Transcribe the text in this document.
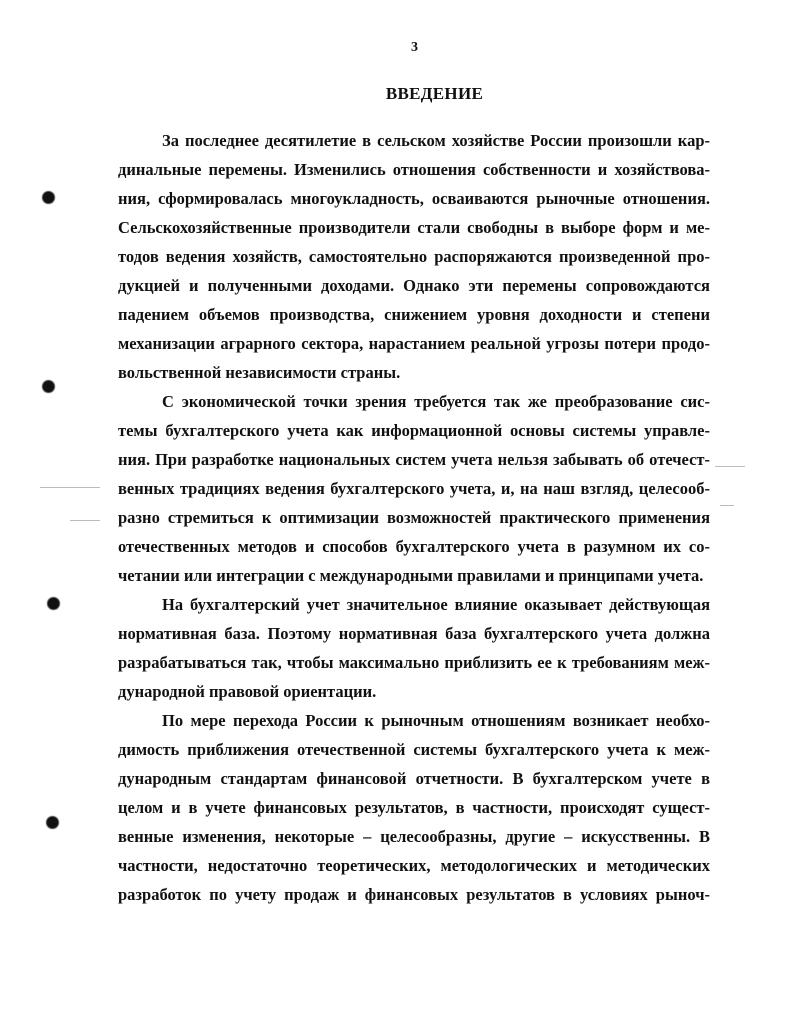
3
ВВЕДЕНИЕ
За последнее десятилетие в сельском хозяйстве России произошли кар-
динальные перемены. Изменились отношения собственности и хозяйствова-
ния, сформировалась многоукладность, осваиваются рыночные отношения.
Сельскохозяйственные производители стали свободны в выборе форм и ме-
тодов ведения хозяйств, самостоятельно распоряжаются произведенной про-
дукцией и полученными доходами. Однако эти перемены сопровождаются
падением объемов производства, снижением уровня доходности и степени
механизации аграрного сектора, нарастанием реальной угрозы потери продо-
вольственной независимости страны.
С экономической точки зрения требуется так же преобразование сис-
темы бухгалтерского учета как информационной основы системы управле-
ния. При разработке национальных систем учета нельзя забывать об отечест-
венных традициях ведения бухгалтерского учета, и, на наш взгляд, целесооб-
разно стремиться к оптимизации возможностей практического применения
отечественных методов и способов бухгалтерского учета в разумном их со-
четании или интеграции с международными правилами и принципами учета.
На бухгалтерский учет значительное влияние оказывает действующая
нормативная база. Поэтому нормативная база бухгалтерского учета должна
разрабатываться так, чтобы максимально приблизить ее к требованиям меж-
дународной правовой ориентации.
По мере перехода России к рыночным отношениям возникает необхо-
димость приближения отечественной системы бухгалтерского учета к меж-
дународным стандартам финансовой отчетности. В бухгалтерском учете в
целом и в учете финансовых результатов, в частности, происходят сущест-
венные изменения, некоторые – целесообразны, другие – искусственны. В
частности, недостаточно теоретических, методологических и методических
разработок по учету продаж и финансовых результатов в условиях рыноч-
